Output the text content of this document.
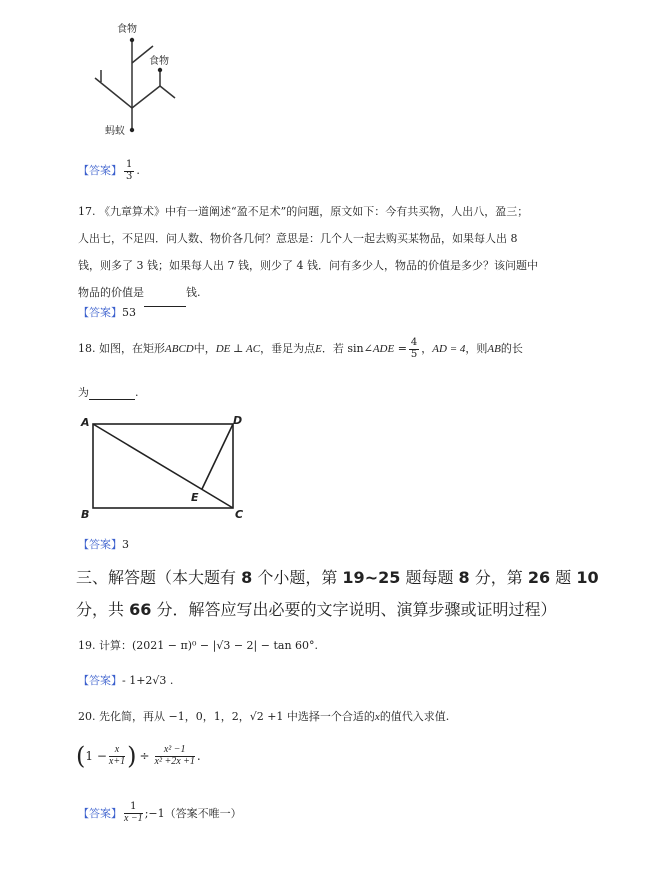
食物
食物
蚂蚁
【答案】 $\frac{1}{3}$ .
17. 《九章算术》中有一道阐述“盈不足术”的问题，原文如下：今有共买物，人出八，盈三；
人出七，不足四．问人数、物价各几何？意思是：几个人一起去购买某物品，如果每人出 8
钱，则多了 3 钱；如果每人出 7 钱，则少了 4 钱．问有多少人，物品的价值是多少？该问题中
物品的价值是	钱.
【答案】53
18. 如图，在矩形ABCD中，DE ⊥ AC，垂足为点E．若 sin∠ADE = $\frac{4}{5}$ ，AD = 4，则AB的长
为	.
A
B	C
D
E
【答案】3
三、解答题（本大题有 8 个小题，第 19~25 题每题 8 分，第 26 题 10
分，共 66 分．解答应写出必要的文字说明、演算步骤或证明过程）
19. 计算：(2021 − π)⁰ − |√3 − 2| − tan 60°.
【答案】- 1+2√3 .
20. 先化简，再从 −1，0，1，2，√2 +1 中选择一个合适的x的值代入求值.
($1 - \frac{x}{x+1}$ ) ÷ $\frac{\text{x² −1}}{\text{x² +2x +1}}$ .
【答案】 $\frac{1}{x -1}$ ;−1（答案不唯一）
